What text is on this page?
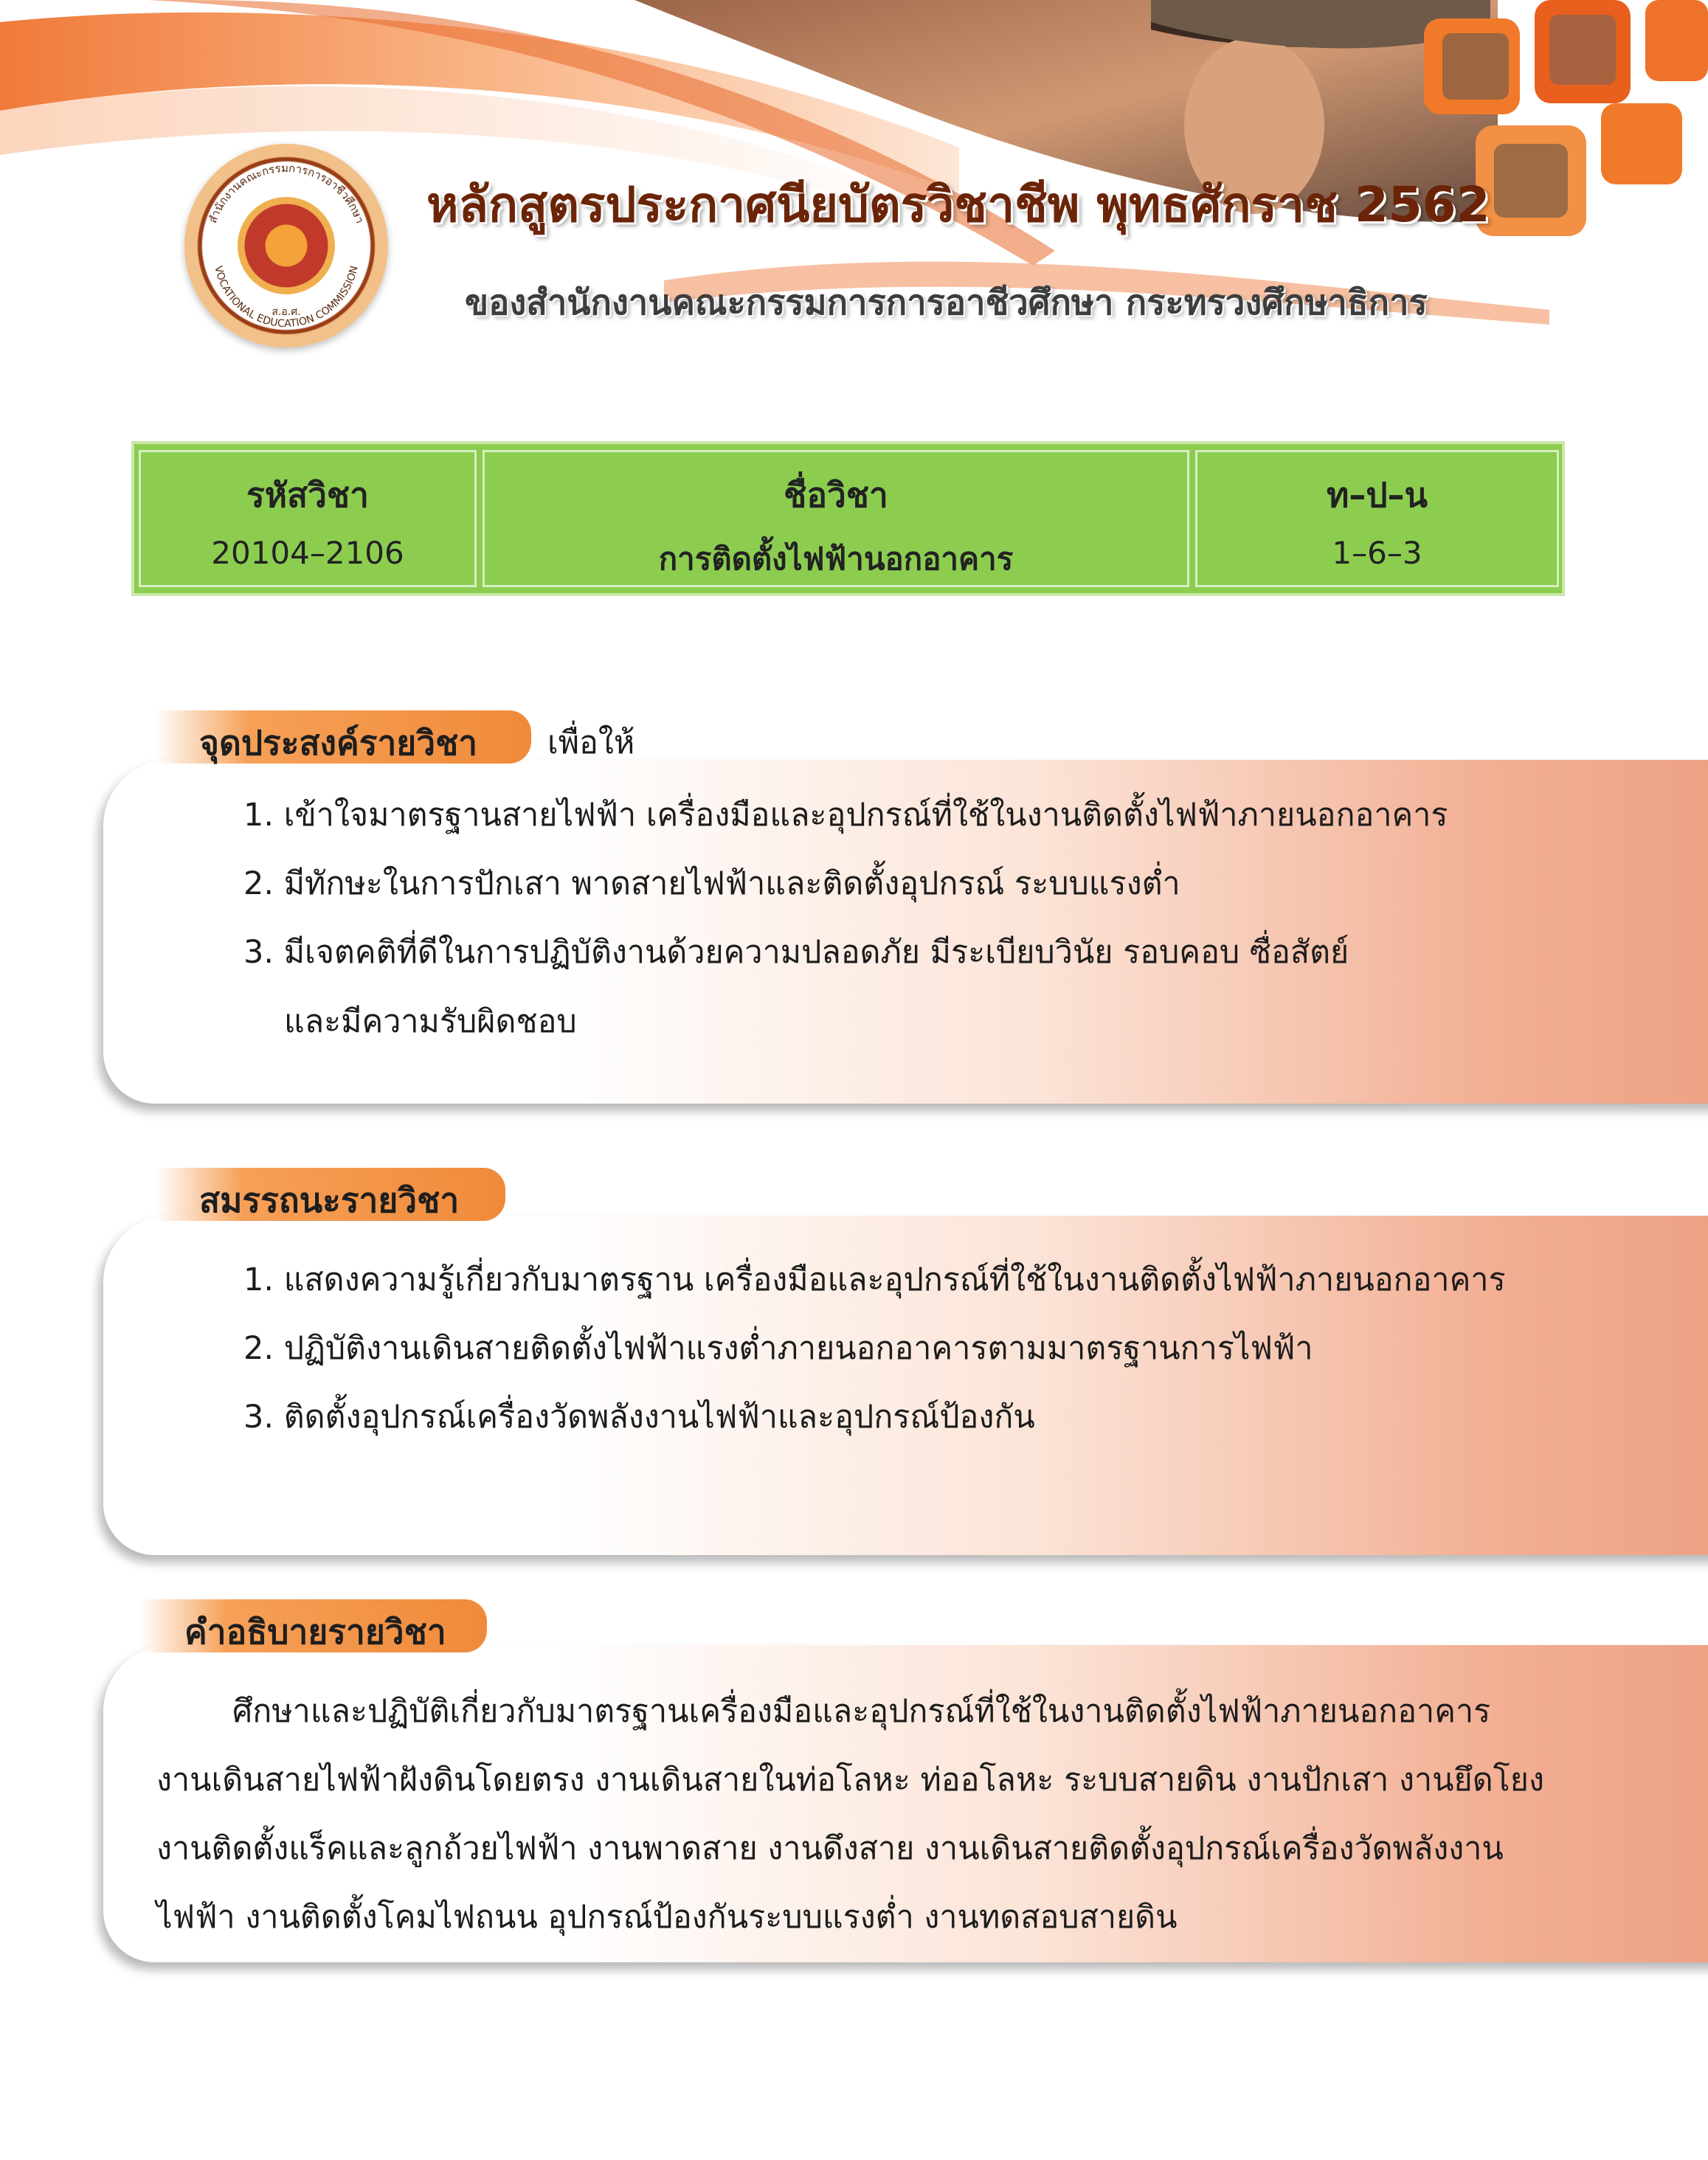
สำนักงานคณะกรรมการการอาชีวศึกษา
VOCATIONAL EDUCATION COMMISSION
ส.อ.ศ.
หลักสูตรประกาศนียบัตรวิชาชีพ พุทธศักราช 2562
ของสำนักงานคณะกรรมการการอาชีวศึกษา กระทรวงศึกษาธิการ
รหัสวิชา
20104–2106
ชื่อวิชา
การติดตั้งไฟฟ้านอกอาคาร
ท–ป–น
1–6–3
จุดประสงค์รายวิชา เพื่อให้
1. เข้าใจมาตรฐานสายไฟฟ้า เครื่องมือและอุปกรณ์ที่ใช้ในงานติดตั้งไฟฟ้าภายนอกอาคาร
2. มีทักษะในการปักเสา พาดสายไฟฟ้าและติดตั้งอุปกรณ์ ระบบแรงต่ำ
3. มีเจตคติที่ดีในการปฏิบัติงานด้วยความปลอดภัย มีระเบียบวินัย รอบคอบ ซื่อสัตย์
และมีความรับผิดชอบ
สมรรถนะรายวิชา
1. แสดงความรู้เกี่ยวกับมาตรฐาน เครื่องมือและอุปกรณ์ที่ใช้ในงานติดตั้งไฟฟ้าภายนอกอาคาร
2. ปฏิบัติงานเดินสายติดตั้งไฟฟ้าแรงต่ำภายนอกอาคารตามมาตรฐานการไฟฟ้า
3. ติดตั้งอุปกรณ์เครื่องวัดพลังงานไฟฟ้าและอุปกรณ์ป้องกัน
คำอธิบายรายวิชา
ศึกษาและปฏิบัติเกี่ยวกับมาตรฐานเครื่องมือและอุปกรณ์ที่ใช้ในงานติดตั้งไฟฟ้าภายนอกอาคาร
งานเดินสายไฟฟ้าฝังดินโดยตรง งานเดินสายในท่อโลหะ ท่ออโลหะ ระบบสายดิน งานปักเสา งานยึดโยง
งานติดตั้งแร็คและลูกถ้วยไฟฟ้า งานพาดสาย งานดึงสาย งานเดินสายติดตั้งอุปกรณ์เครื่องวัดพลังงาน
ไฟฟ้า งานติดตั้งโคมไฟถนน อุปกรณ์ป้องกันระบบแรงต่ำ งานทดสอบสายดิน
